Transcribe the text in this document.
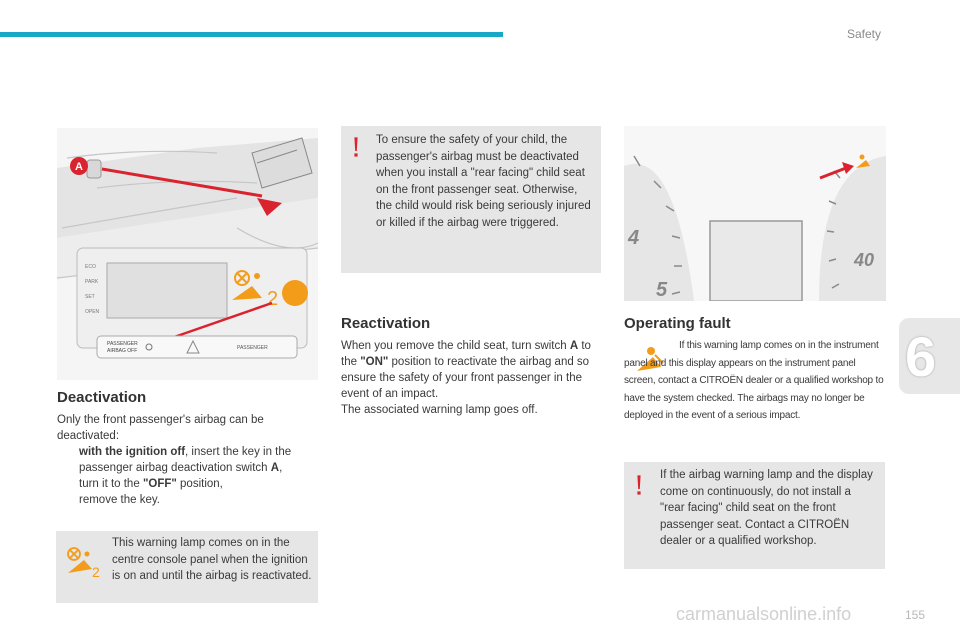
Safety
6
A
ECO
PARK
SET
OPEN
2
PASSENGER
AIRBAG OFF	PASSENGER
Deactivation

Only the front passenger's airbag can be deactivated:

with the ignition off, insert the key in the passenger airbag deactivation switch A,

turn it to the "OFF" position,

remove the key.

2
This warning lamp comes on in the centre console panel when the ignition is on and until the airbag is reactivated.
To ensure the safety of your child, the passenger's airbag must be deactivated when you install a "rear facing" child seat on the front passenger seat. Otherwise, the child would risk being seriously injured or killed if the airbag were triggered.
Reactivation

When you remove the child seat, turn switch A to the "ON" position to reactivate the airbag and so ensure the safety of your front passenger in the event of an impact.

The associated warning lamp goes off.

4
5
40
Operating fault
If this warning lamp comes on in the instrument panel and this display appears on the instrument panel screen, contact a CITROËN dealer or a qualified workshop to have the system checked. The airbags may no longer be deployed in the event of a serious impact.
If the airbag warning lamp and the display come on continuously, do not install a "rear facing" child seat on the front passenger seat. Contact a CITROËN dealer or a qualified workshop.
155
carmanualsonline.info
